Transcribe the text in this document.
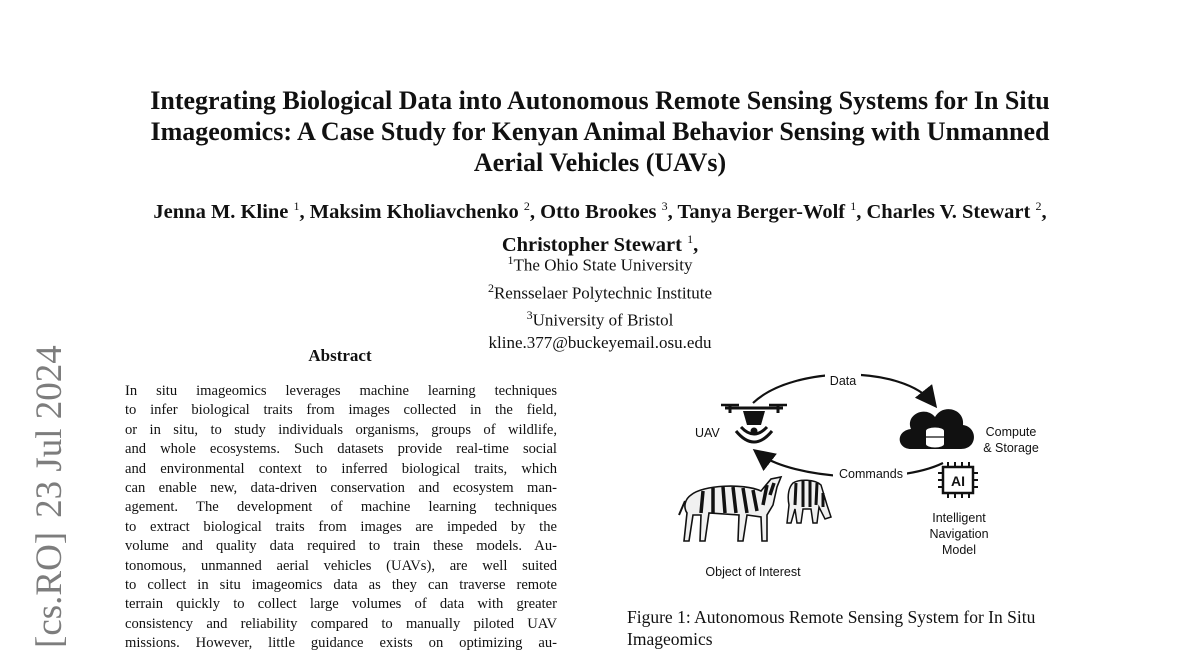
[cs.RO]23 Jul 2024
Integrating Biological Data into Autonomous Remote Sensing Systems for In Situ
Imageomics: A Case Study for Kenyan Animal Behavior Sensing with Unmanned
Aerial Vehicles (UAVs)
Jenna M. Kline $^1$, Maksim Kholiavchenko $^2$, Otto Brookes $^3$, Tanya Berger-Wolf $^1$, Charles V. Stewart $^2$, Christopher Stewart $^1$,
$^1$The Ohio State University
$^2$Rensselaer Polytechnic Institute
$^3$University of Bristol
kline.377@buckeyemail.osu.edu
Abstract
In situ imageomics leverages machine learning techniques
to infer biological traits from images collected in the field,
or in situ, to study individuals organisms, groups of wildlife,
and whole ecosystems. Such datasets provide real-time social
and environmental context to inferred biological traits, which
can enable new, data-driven conservation and ecosystem man-
agement. The development of machine learning techniques
to extract biological traits from images are impeded by the
volume and quality data required to train these models. Au-
tonomous, unmanned aerial vehicles (UAVs), are well suited
to collect in situ imageomics data as they can traverse remote
terrain quickly to collect large volumes of data with greater
consistency and reliability compared to manually piloted UAV
missions. However, little guidance exists on optimizing au-
Data
Commands
UAV	Compute
& Storage
AI
Intelligent
Navigation
Model
Object of Interest
Figure 1: Autonomous Remote Sensing System for In Situ
Imageomics
